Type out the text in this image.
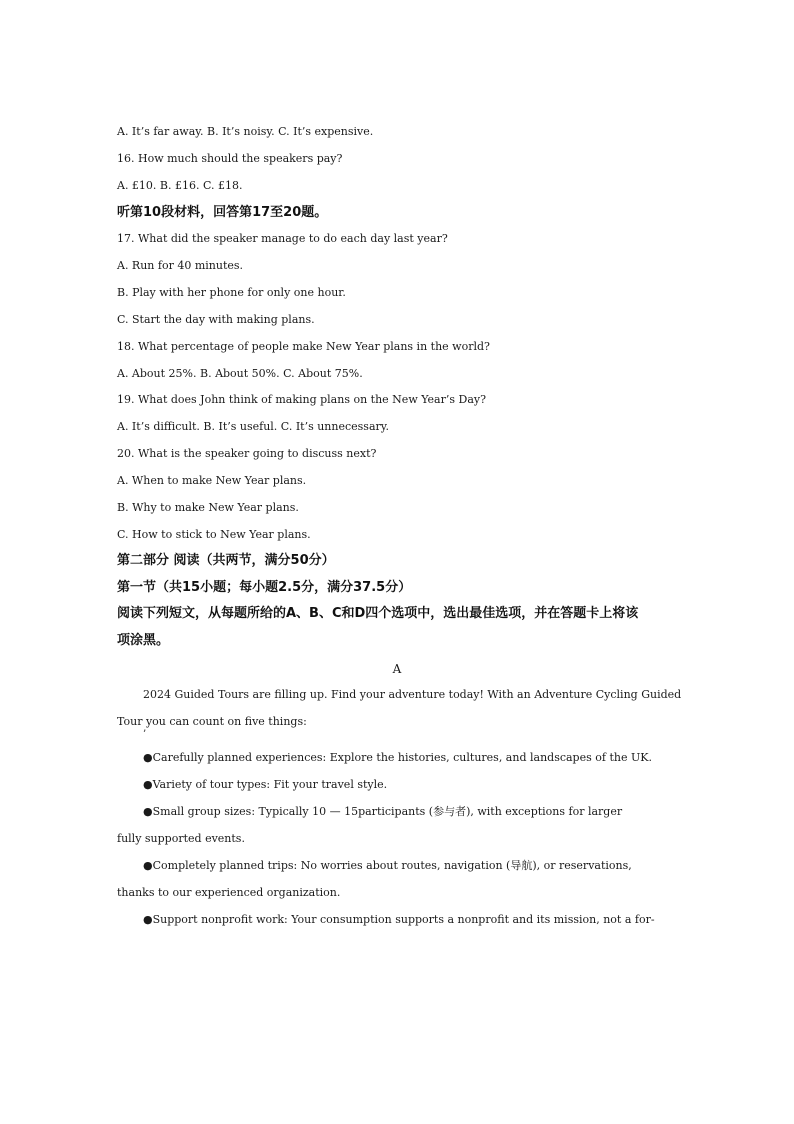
A. It’s far away. B. It’s noisy. C. It’s expensive.
16. How much should the speakers pay?
A. £10. B. £16. C. £18.
听第10段材料，回答第17至20题。
17. What did the speaker manage to do each day last year?
A. Run for 40 minutes.
B. Play with her phone for only one hour.
C. Start the day with making plans.
18. What percentage of people make New Year plans in the world?
A. About 25%. B. About 50%. C. About 75%.
19. What does John think of making plans on the New Year’s Day?
A. It’s difficult. B. It’s useful. C. It’s unnecessary.
20. What is the speaker going to discuss next?
A. When to make New Year plans.
B. Why to make New Year plans.
C. How to stick to New Year plans.
第二部分 阅读（共两节，满分50分）
第一节（共15小题；每小题2.5分，满分37.5分）
阅读下列短文，从每题所给的A、B、C和D四个选项中，选出最佳选项，并在答题卡上将该
项涂黑。
A
2024 Guided Tours are filling up. Find your adventure today! With an Adventure Cycling Guided
Tour you can count on five things:
’
●Carefully planned experiences: Explore the histories, cultures, and landscapes of the UK.
●Variety of tour types: Fit your travel style.
●Small group sizes: Typically 10 — 15participants (参与者), with exceptions for larger
fully supported events.
●Completely planned trips: No worries about routes, navigation (导航), or reservations,
thanks to our experienced organization.
●Support nonprofit work: Your consumption supports a nonprofit and its mission, not a for-
